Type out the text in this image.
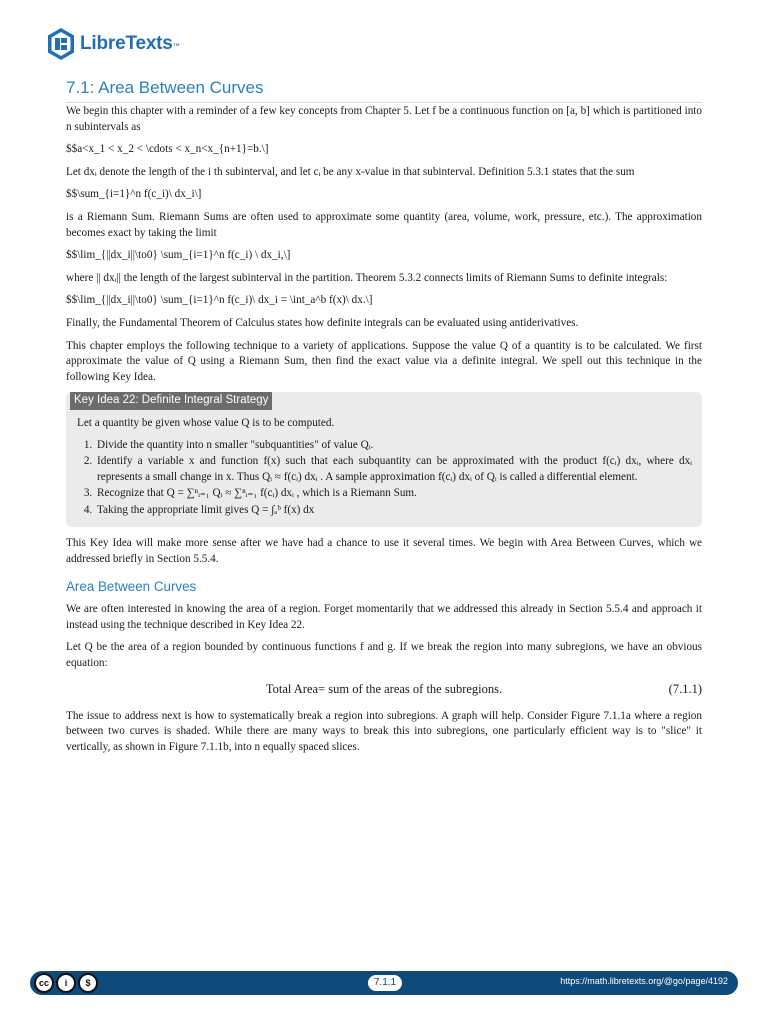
LibreTexts ™
7.1: Area Between Curves

We begin this chapter with a reminder of a few key concepts from Chapter 5. Let f be a continuous function on [a, b] which is partitioned into n subintervals as

$$a<x_1 < x_2 < \cdots < x_n<x_{n+1}=b.\]

Let dxᵢ denote the length of the i th subinterval, and let cᵢ be any x-value in that subinterval. Definition 5.3.1 states that the sum

$$\sum_{i=1}^n f(c_i)\ dx_i\]

is a Riemann Sum. Riemann Sums are often used to approximate some quantity (area, volume, work, pressure, etc.). The approximation becomes exact by taking the limit

$$\lim_{||dx_i||\to0} \sum_{i=1}^n f(c_i) \ dx_i,\]

where || dxᵢ|| the length of the largest subinterval in the partition. Theorem 5.3.2 connects limits of Riemann Sums to definite integrals:

$$\lim_{||dx_i||\to0} \sum_{i=1}^n f(c_i)\ dx_i = \int_a^b f(x)\ dx.\]

Finally, the Fundamental Theorem of Calculus states how definite integrals can be evaluated using antiderivatives.

This chapter employs the following technique to a variety of applications. Suppose the value Q of a quantity is to be calculated. We first approximate the value of Q using a Riemann Sum, then find the exact value via a definite integral. We spell out this technique in the following Key Idea.

Key Idea 22: Definite Integral Strategy

Let a quantity be given whose value Q is to be computed.

1. Divide the quantity into n smaller "subquantities" of value Qᵢ.
2. Identify a variable x and function f(x) such that each subquantity can be approximated with the product f(cᵢ) dxᵢ, where dxᵢ represents a small change in x. Thus Qᵢ ≈ f(cᵢ) dxᵢ . A sample approximation f(cᵢ) dxᵢ of Qᵢ is called a differential element.
3. Recognize that Q = ∑ⁿᵢ₌₁ Qᵢ ≈ ∑ⁿᵢ₌₁ f(cᵢ) dxᵢ , which is a Riemann Sum.
4. Taking the appropriate limit gives Q = ∫ₐᵇ f(x) dx

This Key Idea will make more sense after we have had a chance to use it several times. We begin with Area Between Curves, which we addressed briefly in Section 5.5.4.

Area Between Curves

We are often interested in knowing the area of a region. Forget momentarily that we addressed this already in Section 5.5.4 and approach it instead using the technique described in Key Idea 22.

Let Q be the area of a region bounded by continuous functions f and g. If we break the region into many subregions, we have an obvious equation:

Total Area= sum of the areas of the subregions.	(7.1.1)

The issue to address next is how to systematically break a region into subregions. A graph will help. Consider Figure 7.1.1a where a region between two curves is shaded. While there are many ways to break this into subregions, one particularly efficient way is to "slice" it vertically, as shown in Figure 7.1.1b, into n equally spaced slices.

cc	i	$	7.1.1	https://math.libretexts.org/@go/page/4192
